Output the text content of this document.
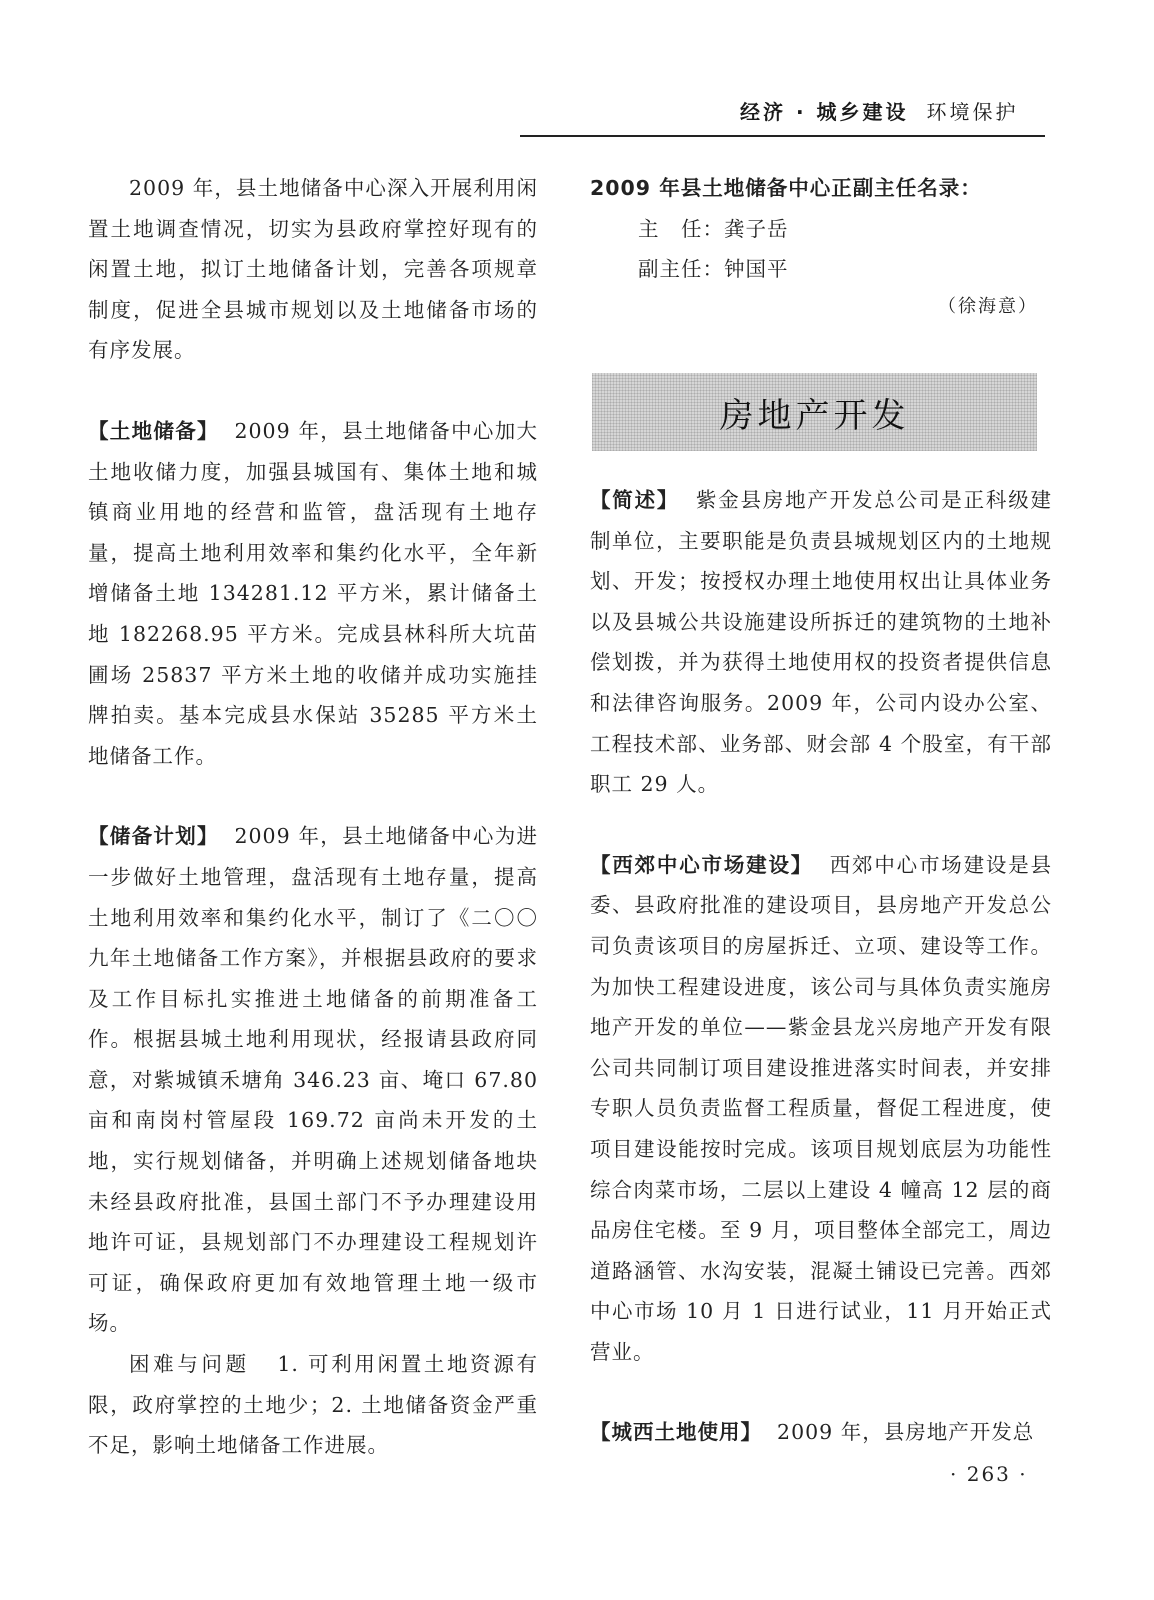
经济 · 城乡建设 环境保护

2009 年，县土地储备中心深入开展利用闲置土地调查情况，切实为县政府掌控好现有的闲置土地，拟订土地储备计划，完善各项规章制度，促进全县城市规划以及土地储备市场的有序发展。

【土地储备】 2009 年，县土地储备中心加大土地收储力度，加强县城国有、集体土地和城镇商业用地的经营和监管，盘活现有土地存量，提高土地利用效率和集约化水平，全年新增储备土地 134281.12 平方米，累计储备土地 182268.95 平方米。完成县林科所大坑苗圃场 25837 平方米土地的收储并成功实施挂牌拍卖。基本完成县水保站 35285 平方米土地储备工作。

【储备计划】 2009 年，县土地储备中心为进一步做好土地管理，盘活现有土地存量，提高土地利用效率和集约化水平，制订了《二〇〇九年土地储备工作方案》，并根据县政府的要求及工作目标扎实推进土地储备的前期准备工作。根据县城土地利用现状，经报请县政府同意，对紫城镇禾塘角 346.23 亩、埯口 67.80 亩和南岗村管屋段 169.72 亩尚未开发的土地，实行规划储备，并明确上述规划储备地块未经县政府批准，县国土部门不予办理建设用地许可证，县规划部门不办理建设工程规划许可证，确保政府更加有效地管理土地一级市场。

困难与问题 1. 可利用闲置土地资源有限，政府掌控的土地少；2. 土地储备资金严重不足，影响土地储备工作进展。

2009 年县土地储备中心正副主任名录：
主　任：龚子岳
副主任：钟国平
（徐海意）
房地产开发

【简述】 紫金县房地产开发总公司是正科级建制单位，主要职能是负责县城规划区内的土地规划、开发；按授权办理土地使用权出让具体业务以及县城公共设施建设所拆迁的建筑物的土地补偿划拨，并为获得土地使用权的投资者提供信息和法律咨询服务。2009 年，公司内设办公室、工程技术部、业务部、财会部 4 个股室，有干部职工 29 人。

【西郊中心市场建设】 西郊中心市场建设是县委、县政府批准的建设项目，县房地产开发总公司负责该项目的房屋拆迁、立项、建设等工作。为加快工程建设进度，该公司与具体负责实施房地产开发的单位——紫金县龙兴房地产开发有限公司共同制订项目建设推进落实时间表，并安排专职人员负责监督工程质量，督促工程进度，使项目建设能按时完成。该项目规划底层为功能性综合肉菜市场，二层以上建设 4 幢高 12 层的商品房住宅楼。至 9 月，项目整体全部完工，周边道路涵管、水沟安装，混凝土铺设已完善。西郊中心市场 10 月 1 日进行试业，11 月开始正式营业。

【城西土地使用】 2009 年，县房地产开发总

· 263 ·
